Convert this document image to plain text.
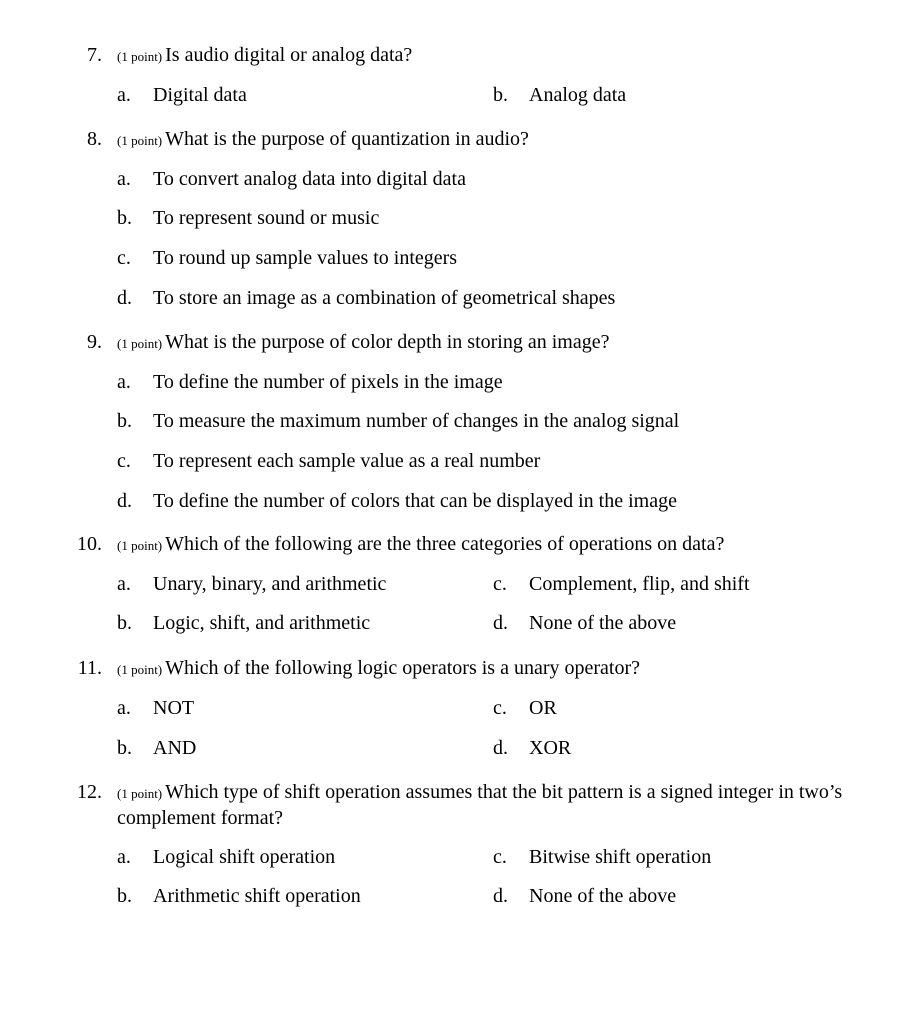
7. (1 point) Is audio digital or analog data?
a. Digital data	b. Analog data
8. (1 point) What is the purpose of quantization in audio?
a. To convert analog data into digital data
b. To represent sound or music
c. To round up sample values to integers
d. To store an image as a combination of geometrical shapes
9. (1 point) What is the purpose of color depth in storing an image?
a. To define the number of pixels in the image
b. To measure the maximum number of changes in the analog signal
c. To represent each sample value as a real number
d. To define the number of colors that can be displayed in the image
10. (1 point) Which of the following are the three categories of operations on data?
a. Unary, binary, and arithmetic	c. Complement, flip, and shift
b. Logic, shift, and arithmetic	d. None of the above
11. (1 point) Which of the following logic operators is a unary operator?
a. NOT	c. OR
b. AND	d. XOR
12. (1 point) Which type of shift operation assumes that the bit pattern is a signed integer in two’s complement format?
a. Logical shift operation	c. Bitwise shift operation
b. Arithmetic shift operation	d. None of the above
